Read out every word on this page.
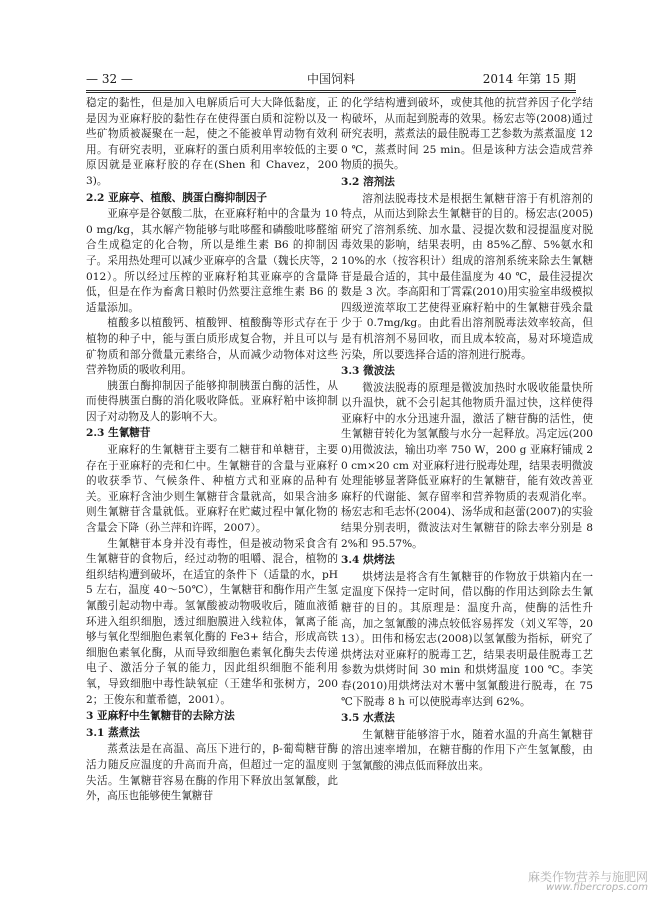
— 32 —	中国饲料	2014 年第 15 期

稳定的黏性，但是加入电解质后可大大降低黏度，正是因为亚麻籽胶的黏性存在使得蛋白质和淀粉以及一些矿物质被凝聚在一起，使之不能被单胃动物有效利用。有研究表明，亚麻籽的蛋白质利用率较低的主要原因就是亚麻籽胶的存在(Shen 和 Chavez，2003)。

2.2 亚麻亭、植酸、胰蛋白酶抑制因子

亚麻亭是谷氨酸二肽，在亚麻籽粕中的含量为 100 mg/kg，其水解产物能够与吡哆醛和磷酸吡哆醛缩合生成稳定的化合物，所以是维生素 B6 的抑制因子。采用热处理可以减少亚麻亭的含量（魏长庆等，2012）。所以经过压榨的亚麻籽粕其亚麻亭的含量降低，但是在作为畜禽日粮时仍然要注意维生素 B6 的适量添加。

植酸多以植酸钙、植酸钾、植酸酶等形式存在于植物的种子中，能与蛋白质形成复合物，并且可以与矿物质和部分微量元素络合，从而减少动物体对这些营养物质的吸收利用。

胰蛋白酶抑制因子能够抑制胰蛋白酶的活性，从而使得胰蛋白酶的消化吸收降低。亚麻籽粕中该抑制因子对动物及人的影响不大。

2.3 生氰糖苷

亚麻籽的生氰糖苷主要有二糖苷和单糖苷，主要存在于亚麻籽的壳和仁中。生氰糖苷的含量与亚麻籽的收获季节、气候条件、种植方式和亚麻的品种有关。亚麻籽含油少则生氰糖苷含量就高，如果含油多则生氰糖苷含量就低。亚麻籽在贮藏过程中氰化物的含量会下降（孙兰萍和许晖，2007）。

生氰糖苷本身并没有毒性，但是被动物采食含有生氰糖苷的食物后，经过动物的咀嚼、混合，植物的组织结构遭到破坏，在适宜的条件下（适量的水，pH 5 左右，温度 40～50℃），生氰糖苷和酶作用产生氢氰酸引起动物中毒。氢氰酸被动物吸收后，随血液循环进入组织细胞，透过细胞膜进入线粒体，氰离子能够与氧化型细胞色素氧化酶的 Fe3+ 结合，形成高铁细胞色素氧化酶，从而导致细胞色素氧化酶失去传递电子、激活分子氧的能力，因此组织细胞不能利用氧，导致细胞中毒性缺氧症（王建华和张树方，2002；王俊东和董希德，2001）。

3 亚麻籽中生氰糖苷的去除方法
3.1 蒸煮法

蒸煮法是在高温、高压下进行的，β-葡萄糖苷酶活力随反应温度的升高而升高，但超过一定的温度则失活。生氰糖苷容易在酶的作用下释放出氢氰酸，此外，高压也能够使生氰糖苷

的化学结构遭到破坏，或使其他的抗营养因子化学结构破坏，从而起到脱毒的效果。杨宏志等(2008)通过研究表明，蒸煮法的最佳脱毒工艺参数为蒸煮温度 120 ℃，蒸煮时间 25 min。但是该种方法会造成营养物质的损失。

3.2 溶剂法

溶剂法脱毒技术是根据生氰糖苷溶于有机溶剂的特点，从而达到除去生氰糖苷的目的。杨宏志(2005)研究了溶剂系统、加水量、浸提次数和浸提温度对脱毒效果的影响，结果表明，由 85%乙醇、5%氨水和 10%的水（按容积计）组成的溶剂系统来除去生氰糖苷是最合适的，其中最佳温度为 40 ℃，最佳浸提次数是 3 次。李高阳和丁霄霖(2010)用实验室串级模拟四级逆流萃取工艺使得亚麻籽粕中的生氰糖苷残余量少于 0.7mg/kg。由此看出溶剂脱毒法效率较高，但是有机溶剂不易回收，而且成本较高，易对环境造成污染，所以要选择合适的溶剂进行脱毒。

3.3 微波法

微波法脱毒的原理是微波加热时水吸收能量快所以升温快，就不会引起其他物质升温过快，这样使得亚麻籽中的水分迅速升温，激活了糖苷酶的活性，使生氰糖苷转化为氢氰酸与水分一起释放。冯定远(2000)用微波法，输出功率 750 W，200 g 亚麻籽铺成 20 cm×20 cm 对亚麻籽进行脱毒处理，结果表明微波处理能够显著降低亚麻籽的生氰糖苷，能有效改善亚麻籽的代谢能、氮存留率和营养物质的表观消化率。杨宏志和毛志怀(2004)、汤华成和赵蕾(2007)的实验结果分别表明，微波法对生氰糖苷的除去率分别是 82%和 95.57%。

3.4 烘烤法

烘烤法是将含有生氰糖苷的作物放于烘箱内在一定温度下保持一定时间，借以酶的作用达到除去生氰糖苷的目的。其原理是：温度升高，使酶的活性升高，加之氢氰酸的沸点较低容易挥发（刘义军等，2013）。田伟和杨宏志(2008)以氢氰酸为指标，研究了烘烤法对亚麻籽的脱毒工艺，结果表明最佳脱毒工艺参数为烘烤时间 30 min 和烘烤温度 100 ℃。李笑春(2010)用烘烤法对木薯中氢氰酸进行脱毒，在 75 ℃下脱毒 8 h 可以使脱毒率达到 62%。

3.5 水煮法

生氰糖苷能够溶于水，随着水温的升高生氰糖苷的溶出速率增加，在糖苷酶的作用下产生氢氰酸，由于氢氰酸的沸点低而释放出来。

麻类作物营养与施肥网
www.fibercrops.com
